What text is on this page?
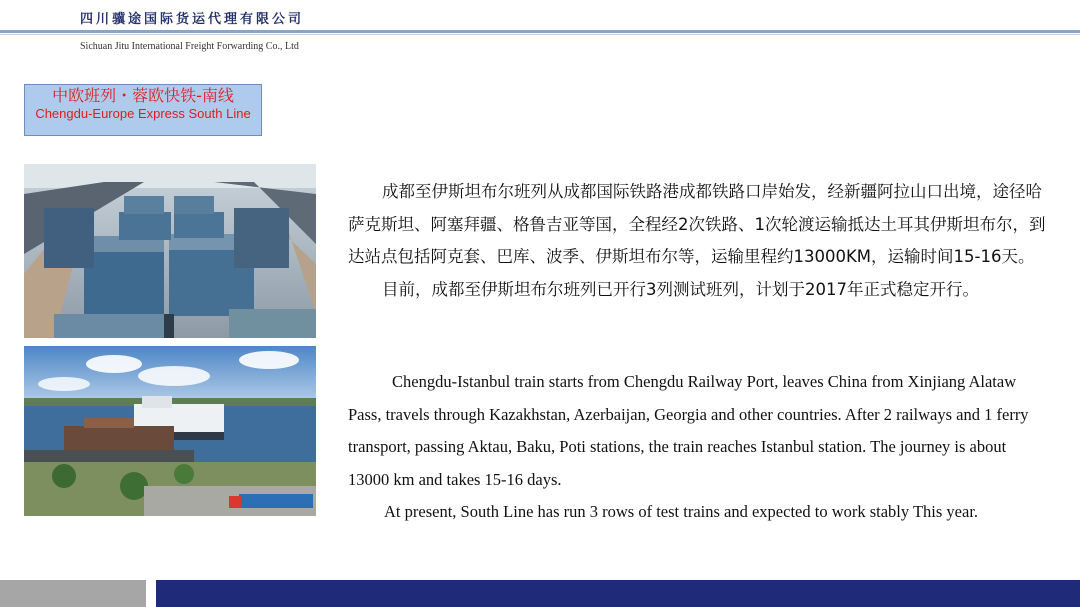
四川骥途国际货运代理有限公司
Sichuan Jitu International Freight Forwarding Co., Ltd
中欧班列・蓉欧快铁-南线
Chengdu-Europe Express South Line

成都至伊斯坦布尔班列从成都国际铁路港成都铁路口岸始发，经新疆阿拉山口出境，途径哈萨克斯坦、阿塞拜疆、格鲁吉亚等国，全程经2次铁路、1次轮渡运输抵达土耳其伊斯坦布尔，到达站点包括阿克套、巴库、波季、伊斯坦布尔等，运输里程约13000KM，运输时间15-16天。

目前，成都至伊斯坦布尔班列已开行3列测试班列，计划于2017年正式稳定开行。

Chengdu-Istanbul train starts from Chengdu Railway Port, leaves China from Xinjiang Alataw Pass, travels through Kazakhstan, Azerbaijan, Georgia and other countries. After 2 railways and 1 ferry transport, passing Aktau, Baku, Poti stations, the train reaches Istanbul station. The journey is about 13000 km and takes 15-16 days.

At present, South Line has run 3 rows of test trains and expected to work stably This year.
